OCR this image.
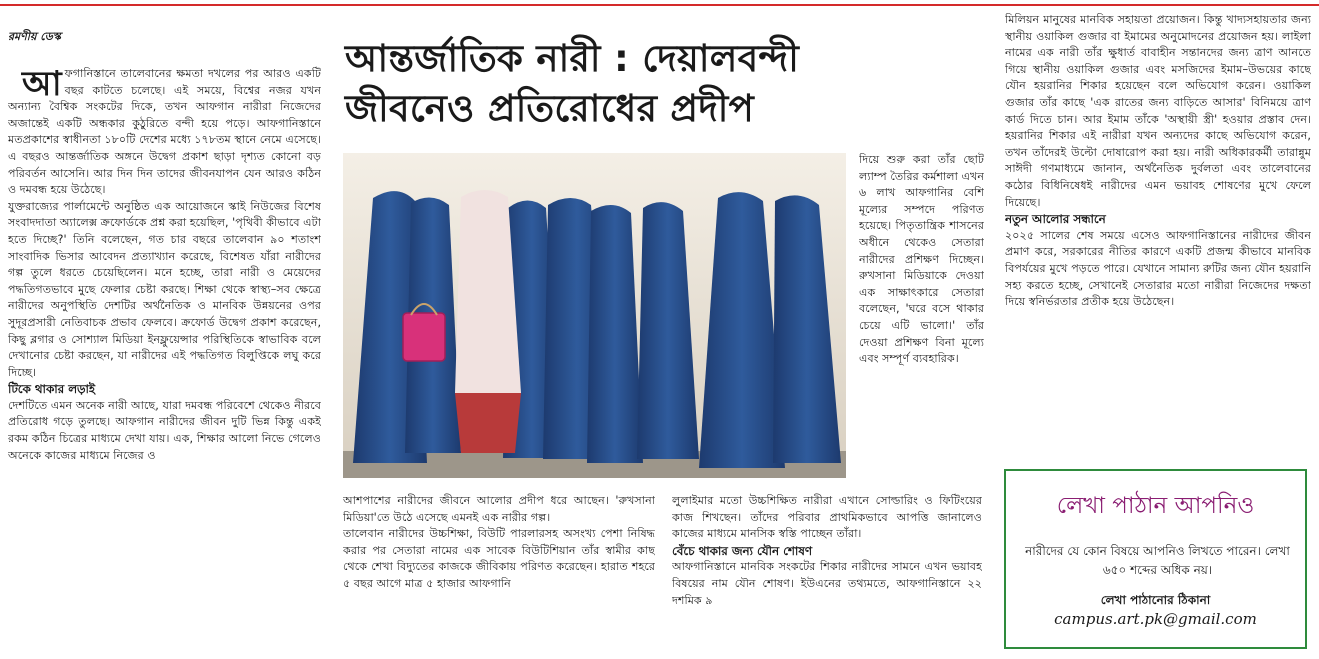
রমণীয় ডেস্ক
আ ফগানিস্তানে তালেবানের ক্ষমতা দখলের পর আরও একটি বছর কাটতে চলেছে। এই সময়ে, বিশ্বের নজর যখন অন্যান্য বৈশ্বিক সংকটের দিকে, তখন আফগান নারীরা নিজেদের অজান্তেই একটি অন্ধকার কুঠুরিতে বন্দী হয়ে পড়ে। আফগানিস্তানে মতপ্রকাশের স্বাধীনতা ১৮০টি দেশের মধ্যে ১৭৮তম স্থানে নেমে এসেছে। এ বছরও আন্তর্জাতিক অঙ্গনে উদ্বেগ প্রকাশ ছাড়া দৃশ্যত কোনো বড় পরিবর্তন আসেনি। আর দিন দিন তাদের জীবনযাপন যেন আরও কঠিন ও দমবন্ধ হয়ে উঠেছে।

যুক্তরাজ্যের পার্লামেন্টে অনুষ্ঠিত এক আয়োজনে স্কাই নিউজের বিশেষ সংবাদদাতা অ্যালেক্স ক্রফোর্ডকে প্রশ্ন করা হয়েছিল, 'পৃথিবী কীভাবে এটা হতে দিচ্ছে?' তিনি বলেছেন, গত চার বছরে তালেবান ৯০ শতাংশ সাংবাদিক ভিসার আবেদন প্রত্যাখ্যান করেছে, বিশেষত যাঁরা নারীদের গল্প তুলে ধরতে চেয়েছিলেন। মনে হচ্ছে, তারা নারী ও মেয়েদের পদ্ধতিগতভাবে মুছে ফেলার চেষ্টা করছে। শিক্ষা থেকে স্বাস্থ্য–সব ক্ষেত্রে নারীদের অনুপস্থিতি দেশটির অর্থনৈতিক ও মানবিক উন্নয়নের ওপর সুদূরপ্রসারী নেতিবাচক প্রভাব ফেলবে। ক্রফোর্ড উদ্বেগ প্রকাশ করেছেন, কিছু ব্লগার ও সোশ্যাল মিডিয়া ইনফ্লুয়েন্সার পরিস্থিতিকে স্বাভাবিক বলে দেখানোর চেষ্টা করছেন, যা নারীদের এই পদ্ধতিগত বিলুপ্তিকে লঘু করে দিচ্ছে।

টিকে থাকার লড়াই

দেশটিতে এমন অনেক নারী আছে, যারা দমবন্ধ পরিবেশে থেকেও নীরবে প্রতিরোধ গড়ে তুলছে। আফগান নারীদের জীবন দুটি ভিন্ন কিন্তু একই রকম কঠিন চিত্রের মাধ্যমে দেখা যায়। এক, শিক্ষার আলো নিভে গেলেও অনেকে কাজের মাধ্যমে নিজের ও

আন্তর্জাতিক নারী : দেয়ালবন্দী
জীবনেও প্রতিরোধের প্রদীপ

দিয়ে শুরু করা তাঁর ছোট ল্যাম্প তৈরির কর্মশালা এখন ৬ লাখ আফগানির বেশি মূল্যের সম্পদে পরিণত হয়েছে। পিতৃতান্ত্রিক শাসনের অধীনে থেকেও সেতারা নারীদের প্রশিক্ষণ দিচ্ছেন। রুখসানা মিডিয়াকে দেওয়া এক সাক্ষাৎকারে সেতারা বলেছেন, 'ঘরে বসে থাকার চেয়ে এটি ভালো।' তাঁর দেওয়া প্রশিক্ষণ বিনা মূল্যে এবং সম্পূর্ণ ব্যবহারিক।

আশপাশের নারীদের জীবনে আলোর প্রদীপ ধরে আছেন। 'রুখসানা মিডিয়া'তে উঠে এসেছে এমনই এক নারীর গল্প।

তালেবান নারীদের উচ্চশিক্ষা, বিউটি পারলারসহ অসংখ্য পেশা নিষিদ্ধ করার পর সেতারা নামের এক সাবেক বিউটিশিয়ান তাঁর স্বামীর কাছ থেকে শেখা বিদ্যুতের কাজকে জীবিকায় পরিণত করেছেন। হারাত শহরে ৫ বছর আগে মাত্র ৫ হাজার আফগানি

লুলাইমার মতো উচ্চশিক্ষিত নারীরা এখানে সোল্ডারিং ও ফিটিংয়ের কাজ শিখছেন। তাঁদের পরিবার প্রাথমিকভাবে আপত্তি জানালেও কাজের মাধ্যমে মানসিক স্বস্তি পাচ্ছেন তাঁরা।

বেঁচে থাকার জন্য যৌন শোষণ

আফগানিস্তানে মানবিক সংকটের শিকার নারীদের সামনে এখন ভয়াবহ বিষয়ের নাম যৌন শোষণ। ইউএনের তথ্যমতে, আফগানিস্তানে ২২ দশমিক ৯

মিলিয়ন মানুষের মানবিক সহায়তা প্রয়োজন। কিন্তু খাদ্যসহায়তার জন্য স্থানীয় ওয়াকিল গুজার বা ইমামের অনুমোদনের প্রয়োজন হয়। লাইলা নামের এক নারী তাঁর ক্ষুধার্ত বাবাহীন সন্তানদের জন্য ত্রাণ আনতে গিয়ে স্থানীয় ওয়াকিল গুজার এবং মসজিদের ইমাম–উভয়ের কাছে যৌন হয়রানির শিকার হয়েছেন বলে অভিযোগ করেন। ওয়াকিল গুজার তাঁর কাছে 'এক রাতের জন্য বাড়িতে আসার' বিনিময়ে ত্রাণ কার্ড দিতে চান। আর ইমাম তাঁকে 'অস্থায়ী স্ত্রী' হওয়ার প্রস্তাব দেন। হয়রানির শিকার এই নারীরা যখন অন্যদের কাছে অভিযোগ করেন, তখন তাঁদেরই উল্টো দোষারোপ করা হয়। নারী অধিকারকর্মী তারান্নুম সাঈদী গণমাধ্যমে জানান, অর্থনৈতিক দুর্বলতা এবং তালেবানের কঠোর বিধিনিষেধই নারীদের এমন ভয়াবহ শোষণের মুখে ফেলে দিয়েছে।

নতুন আলোর সন্ধানে

২০২৫ সালের শেষ সময়ে এসেও আফগানিস্তানের নারীদের জীবন প্রমাণ করে, সরকারের নীতির কারণে একটি প্রজন্ম কীভাবে মানবিক বিপর্যয়ের মুখে পড়তে পারে। যেখানে সামান্য রুটির জন্য যৌন হয়রানি সহ্য করতে হচ্ছে, সেখানেই সেতারার মতো নারীরা নিজেদের দক্ষতা দিয়ে স্বনির্ভরতার প্রতীক হয়ে উঠেছেন।

লেখা পাঠান আপনিও
নারীদের যে কোন বিষয়ে আপনিও লিখতে পারেন। লেখা ৬৫০ শব্দের অধিক নয়।
লেখা পাঠানোর ঠিকানা
campus.art.pk@gmail.com
